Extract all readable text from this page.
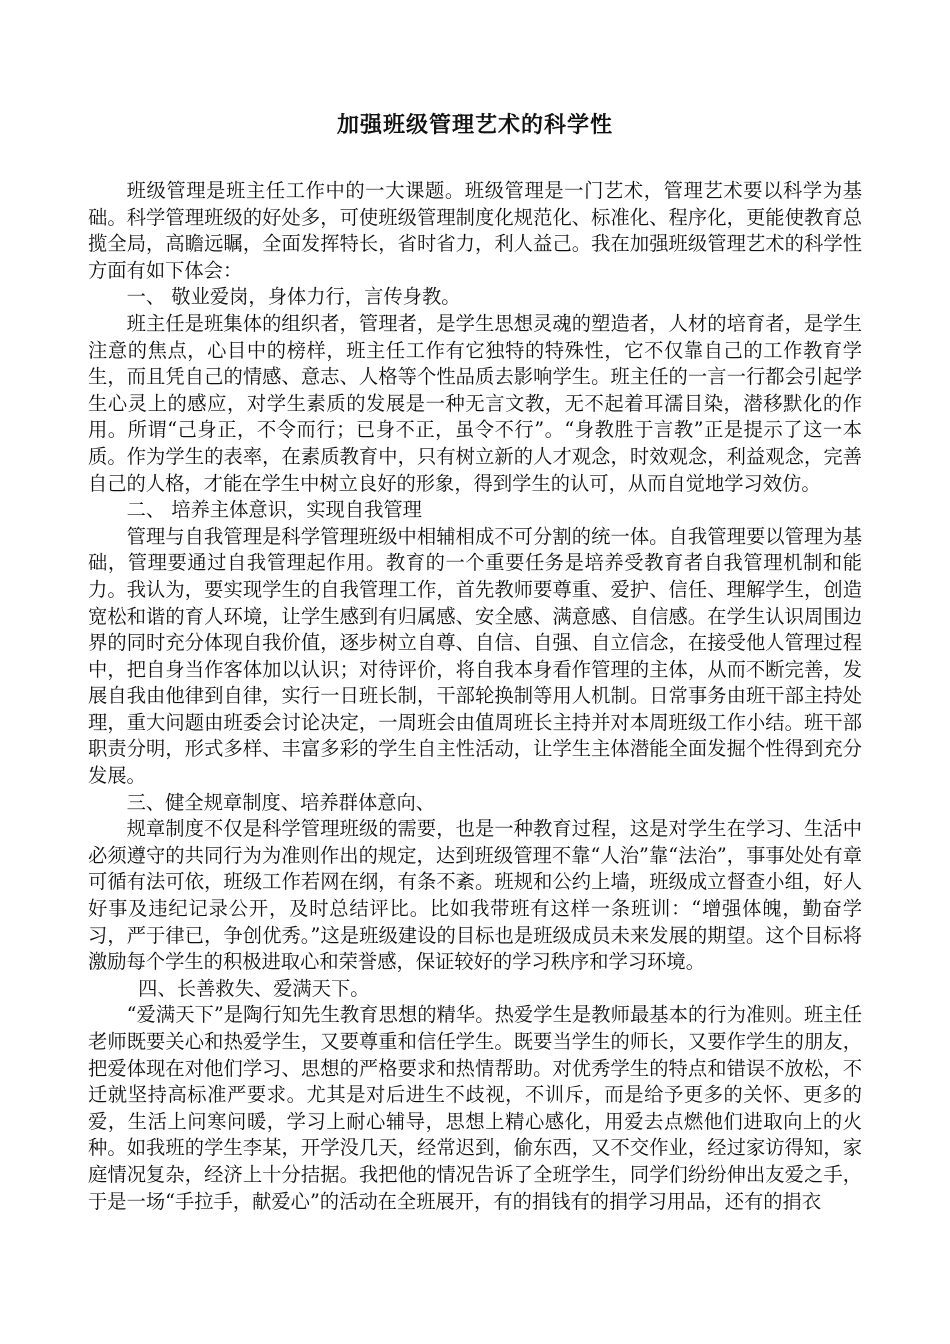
加强班级管理艺术的科学性

班级管理是班主任工作中的一大课题。班级管理是一门艺术，管理艺术要以科学为基础。科学管理班级的好处多，可使班级管理制度化规范化、标准化、程序化，更能使教育总揽全局，高瞻远瞩，全面发挥特长，省时省力，利人益己。我在加强班级管理艺术的科学性方面有如下体会：

一、 敬业爱岗，身体力行，言传身教。

班主任是班集体的组织者，管理者，是学生思想灵魂的塑造者，人材的培育者，是学生注意的焦点，心目中的榜样，班主任工作有它独特的特殊性，它不仅靠自己的工作教育学生，而且凭自己的情感、意志、人格等个性品质去影响学生。班主任的一言一行都会引起学生心灵上的感应，对学生素质的发展是一种无言文教，无不起着耳濡目染，潜移默化的作用。所谓“己身正，不令而行；已身不正，虽令不行”。“身教胜于言教”正是提示了这一本质。作为学生的表率，在素质教育中，只有树立新的人才观念，时效观念，利益观念，完善自己的人格，才能在学生中树立良好的形象，得到学生的认可，从而自觉地学习效仿。

二、 培养主体意识，实现自我管理

管理与自我管理是科学管理班级中相辅相成不可分割的统一体。自我管理要以管理为基础，管理要通过自我管理起作用。教育的一个重要任务是培养受教育者自我管理机制和能力。我认为，要实现学生的自我管理工作，首先教师要尊重、爱护、信任、理解学生，创造宽松和谐的育人环境，让学生感到有归属感、安全感、满意感、自信感。在学生认识周围边界的同时充分体现自我价值，逐步树立自尊、自信、自强、自立信念，在接受他人管理过程中，把自身当作客体加以认识；对待评价，将自我本身看作管理的主体，从而不断完善，发展自我由他律到自律，实行一日班长制，干部轮换制等用人机制。日常事务由班干部主持处理，重大问题由班委会讨论决定，一周班会由值周班长主持并对本周班级工作小结。班干部职责分明，形式多样、丰富多彩的学生自主性活动，让学生主体潜能全面发掘个性得到充分发展。

三、健全规章制度、培养群体意向、

规章制度不仅是科学管理班级的需要，也是一种教育过程，这是对学生在学习、生活中必须遵守的共同行为为准则作出的规定，达到班级管理不靠“人治”靠“法治”，事事处处有章可循有法可依，班级工作若网在纲，有条不紊。班规和公约上墙，班级成立督查小组，好人好事及违纪记录公开，及时总结评比。比如我带班有这样一条班训：“增强体魄，勤奋学习，严于律已，争创优秀。”这是班级建设的目标也是班级成员未来发展的期望。这个目标将激励每个学生的积极进取心和荣誉感，保证较好的学习秩序和学习环境。

四、长善救失、爱满天下。

“爱满天下”是陶行知先生教育思想的精华。热爱学生是教师最基本的行为准则。班主任老师既要关心和热爱学生，又要尊重和信任学生。既要当学生的师长，又要作学生的朋友，把爱体现在对他们学习、思想的严格要求和热情帮助。对优秀学生的特点和错误不放松，不迁就坚持高标准严要求。尤其是对后进生不歧视，不训斥，而是给予更多的关怀、更多的爱，生活上问寒问暖，学习上耐心辅导，思想上精心感化，用爱去点燃他们进取向上的火种。如我班的学生李某，开学没几天，经常迟到，偷东西，又不交作业，经过家访得知，家庭情况复杂，经济上十分拮据。我把他的情况告诉了全班学生，同学们纷纷伸出友爱之手，于是一场“手拉手，献爱心”的活动在全班展开，有的捐钱有的捐学习用品，还有的捐衣
